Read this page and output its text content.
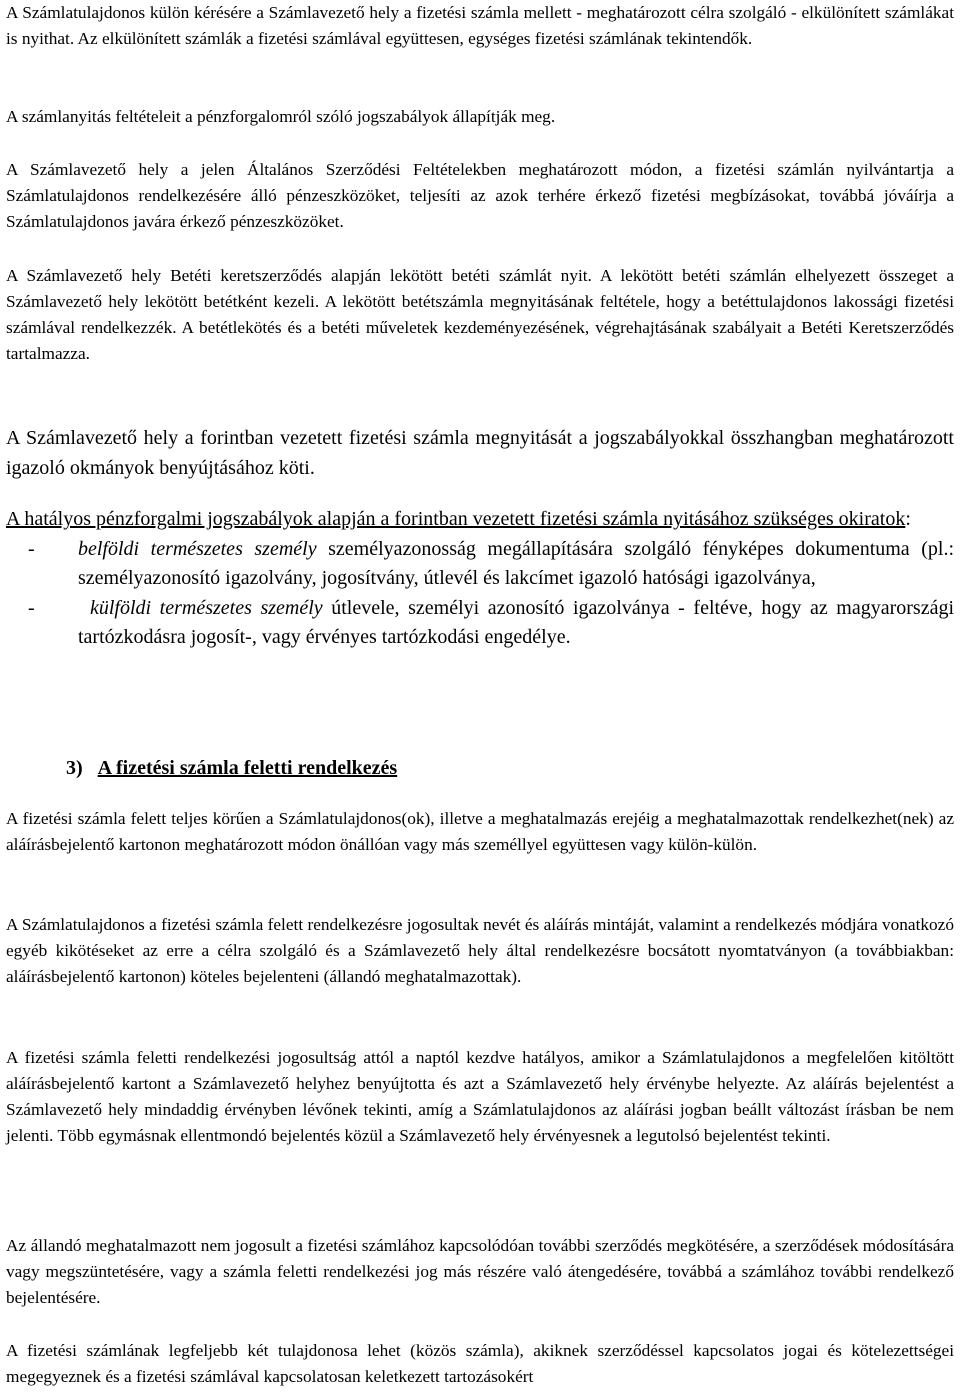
A Számlatulajdonos külön kérésére a Számlavezető hely a fizetési számla mellett - meghatározott célra szolgáló - elkülönített számlákat is nyithat. Az elkülönített számlák a fizetési számlával együttesen, egységes fizetési számlának tekintendők.

A számlanyitás feltételeit a pénzforgalomról szóló jogszabályok állapítják meg.

A Számlavezető hely a jelen Általános Szerződési Feltételekben meghatározott módon, a fizetési számlán nyilvántartja a Számlatulajdonos rendelkezésére álló pénzeszközöket, teljesíti az azok terhére érkező fizetési megbízásokat, továbbá jóváírja a Számlatulajdonos javára érkező pénzeszközöket.

A Számlavezető hely Betéti keretszerződés alapján lekötött betéti számlát nyit. A lekötött betéti számlán elhelyezett összeget a Számlavezető hely lekötött betétként kezeli. A lekötött betétszámla megnyitásának feltétele, hogy a betéttulajdonos lakossági fizetési számlával rendelkezzék. A betétlekötés és a betéti műveletek kezdeményezésének, végrehajtásának szabályait a Betéti Keretszerződés tartalmazza.

A Számlavezető hely a forintban vezetett fizetési számla megnyitását a jogszabályokkal összhangban meghatározott igazoló okmányok benyújtásához köti.

A hatályos pénzforgalmi jogszabályok alapján a forintban vezetett fizetési számla nyitásához szükséges okiratok:

- belföldi természetes személy személyazonosság megállapítására szolgáló fényképes dokumentuma (pl.: személyazonosító igazolvány, jogosítvány, útlevél és lakcímet igazoló hatósági igazolványa,
-	külföldi természetes személy útlevele, személyi azonosító igazolványa - feltéve, hogy az magyarországi tartózkodásra jogosít-, vagy érvényes tartózkodási engedélye.

3) A fizetési számla feletti rendelkezés

A fizetési számla felett teljes körűen a Számlatulajdonos(ok), illetve a meghatalmazás erejéig a meghatalmazottak rendelkezhet(nek) az aláírásbejelentő kartonon meghatározott módon önállóan vagy más személlyel együttesen vagy külön-külön.

A Számlatulajdonos a fizetési számla felett rendelkezésre jogosultak nevét és aláírás mintáját, valamint a rendelkezés módjára vonatkozó egyéb kikötéseket az erre a célra szolgáló és a Számlavezető hely által rendelkezésre bocsátott nyomtatványon (a továbbiakban: aláírásbejelentő kartonon) köteles bejelenteni (állandó meghatalmazottak).

A fizetési számla feletti rendelkezési jogosultság attól a naptól kezdve hatályos, amikor a Számlatulajdonos a megfelelően kitöltött aláírásbejelentő kartont a Számlavezető helyhez benyújtotta és azt a Számlavezető hely érvénybe helyezte. Az aláírás bejelentést a Számlavezető hely mindaddig érvényben lévőnek tekinti, amíg a Számlatulajdonos az aláírási jogban beállt változást írásban be nem jelenti. Több egymásnak ellentmondó bejelentés közül a Számlavezető hely érvényesnek a legutolsó bejelentést tekinti.

Az állandó meghatalmazott nem jogosult a fizetési számlához kapcsolódóan további szerződés megkötésére, a szerződések módosítására vagy megszüntetésére, vagy a számla feletti rendelkezési jog más részére való átengedésére, továbbá a számlához további rendelkező bejelentésére.

A fizetési számlának legfeljebb két tulajdonosa lehet (közös számla), akiknek szerződéssel kapcsolatos jogai és kötelezettségei megegyeznek és a fizetési számlával kapcsolatosan keletkezett tartozásokért
